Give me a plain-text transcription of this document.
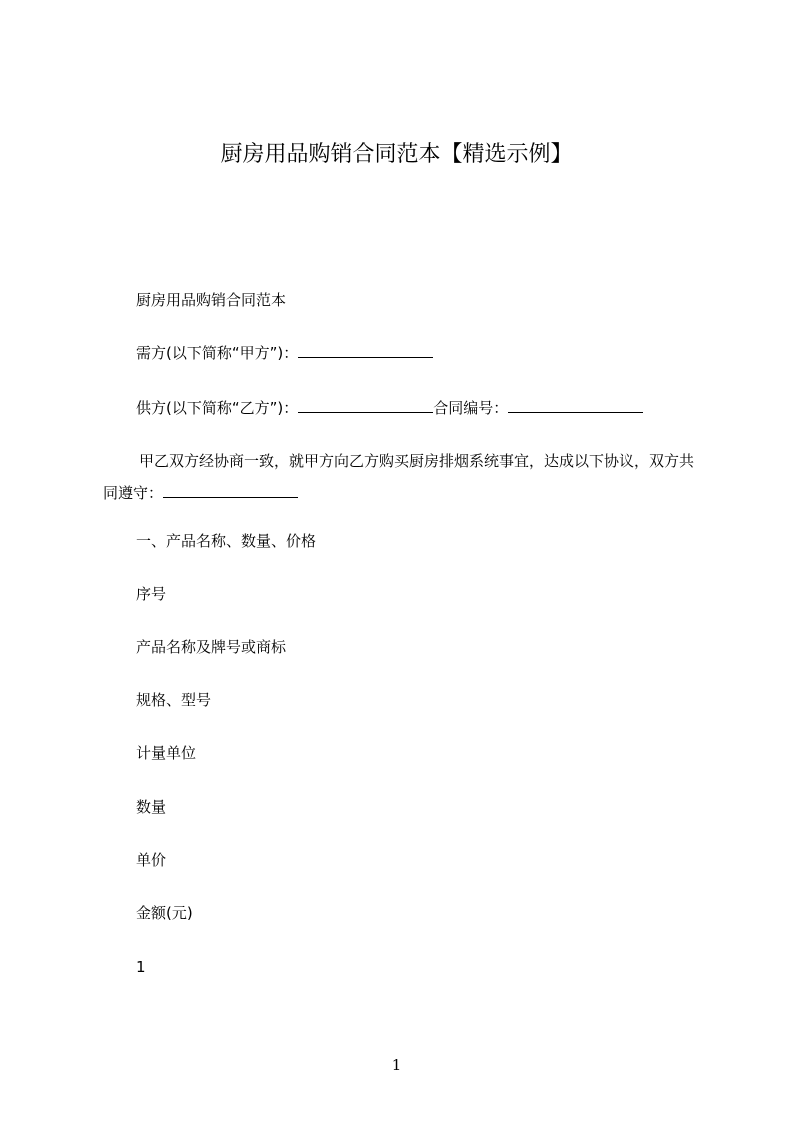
厨房用品购销合同范本【精选示例】
厨房用品购销合同范本
需方(以下简称“甲方”)：
供方(以下简称“乙方”)：	合同编号：
甲乙双方经协商一致，就甲方向乙方购买厨房排烟系统事宜，达成以下协议，双方共同遵守：
一、产品名称、数量、价格
序号
产品名称及牌号或商标
规格、型号
计量单位
数量
单价
金额(元)
1
1
